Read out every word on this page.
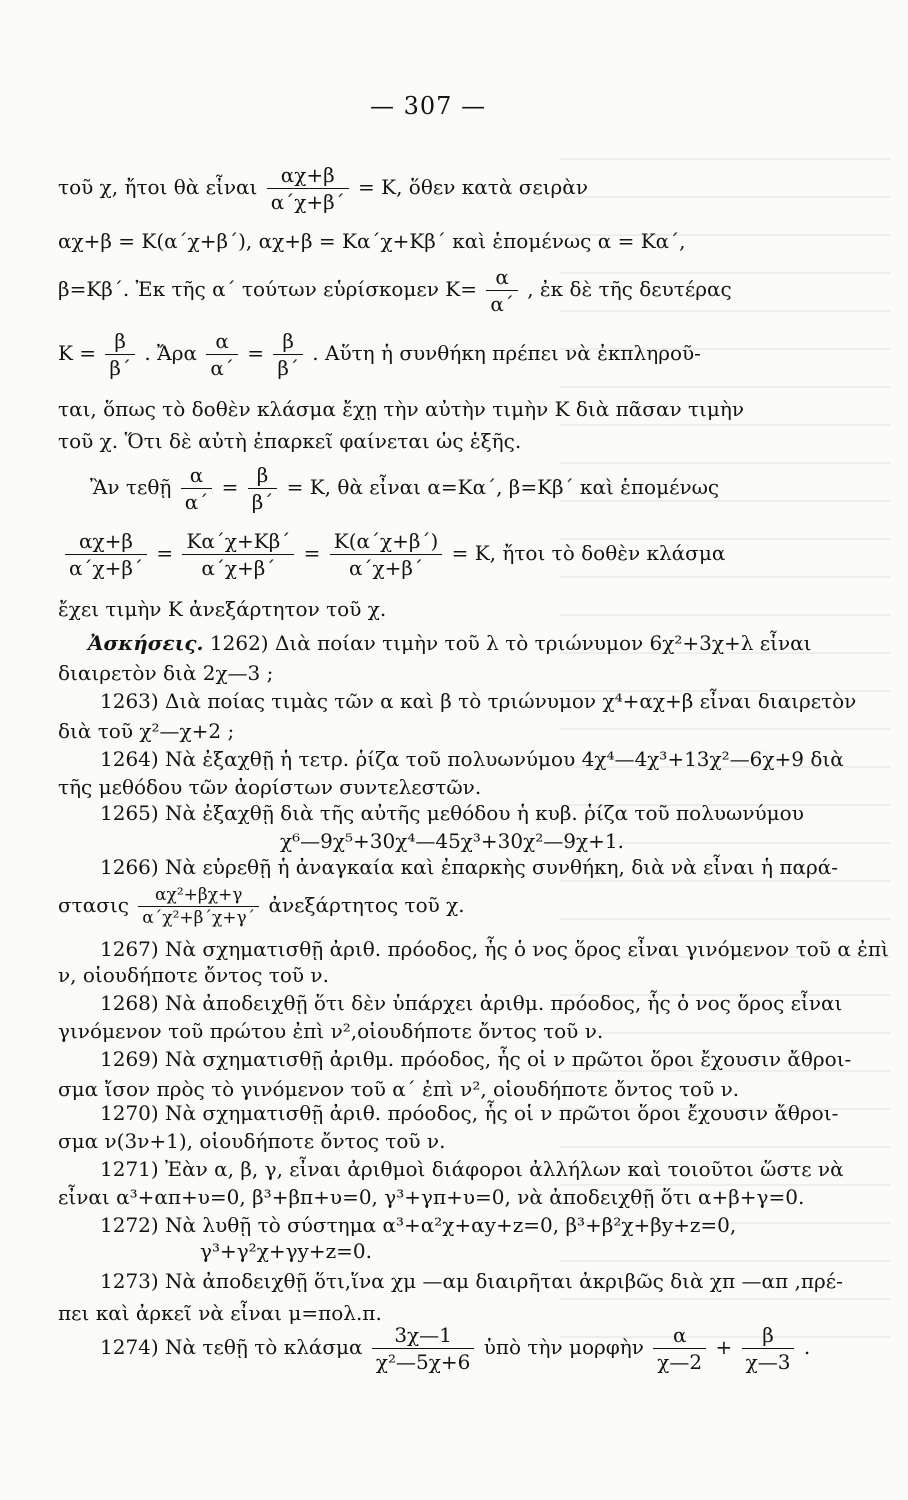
— 307 —
τοῦ χ, ἤτοι θὰ εἶναι $\frac{\alpha\chi+\beta}{\alpha΄\chi+\beta΄} = K$, ὅθεν κατὰ σειρὰν
αχ+β = Κ(α΄χ+β΄), αχ+β = Κα΄χ+Κβ΄ καὶ ἑπομένως α = Κα΄,
β=Κβ΄. Ἐκ τῆς α΄ τούτων εὑρίσκομεν $K= \frac{\alpha}{\alpha΄}$ , ἐκ δὲ τῆς δευτέρας
$K = \frac{\beta}{\beta΄}$ . Ἄρα $\frac{\alpha}{\alpha΄} = \frac{\beta}{\beta΄}$ . Αὕτη ἡ συνθήκη πρέπει νὰ ἐκπληροῦ-
ται, ὅπως τὸ δοθὲν κλάσμα ἔχῃ τὴν αὐτὴν τιμὴν Κ διὰ πᾶσαν τιμὴν
τοῦ χ. Ὅτι δὲ αὐτὴ ἐπαρκεῖ φαίνεται ὡς ἑξῆς.
Ἂν τεθῇ $\frac{\alpha}{\alpha΄} = \frac{\beta}{\beta΄} = K$, θὰ εἶναι α=Κα΄, β=Κβ΄ καὶ ἑπομένως
$\frac{\alpha\chi+\beta}{\alpha΄\chi+\beta΄} = \frac{K\alpha΄\chi+K\beta΄}{\alpha΄\chi+\beta΄} = \frac{K(\alpha΄\chi+\beta΄)}{\alpha΄\chi+\beta΄} = K$, ἤτοι τὸ δοθὲν κλάσμα
ἔχει τιμὴν Κ ἀνεξάρτητον τοῦ χ.
Ἀσκήσεις. 1262) Διὰ ποίαν τιμὴν τοῦ λ τὸ τριώνυμον 6χ²+3χ+λ εἶναι
διαιρετὸν διὰ 2χ—3 ;
1263) Διὰ ποίας τιμὰς τῶν α καὶ β τὸ τριώνυμον χ⁴+αχ+β εἶναι διαιρετὸν
διὰ τοῦ χ²—χ+2 ;
1264) Νὰ ἐξαχθῇ ἡ τετρ. ῥίζα τοῦ πολυωνύμου 4χ⁴—4χ³+13χ²—6χ+9 διὰ
τῆς μεθόδου τῶν ἀορίστων συντελεστῶν.
1265) Νὰ ἐξαχθῇ διὰ τῆς αὐτῆς μεθόδου ἡ κυβ. ῥίζα τοῦ πολυωνύμου
χ⁶—9χ⁵+30χ⁴—45χ³+30χ²—9χ+1.
1266) Νὰ εὑρεθῇ ἡ ἀναγκαία καὶ ἐπαρκὴς συνθήκη, διὰ νὰ εἶναι ἡ παρά-
στασις $\frac{\text{αχ²+βχ+γ}}{\text{α΄χ²+β΄χ+γ΄}}$ ἀνεξάρτητος τοῦ χ.
1267) Νὰ σχηματισθῇ ἀριθ. πρόοδος, ἧς ὁ νος ὅρος εἶναι γινόμενον τοῦ α ἐπὶ
ν, οἱουδήποτε ὄντος τοῦ ν.
1268) Νὰ ἀποδειχθῇ ὅτι δὲν ὑπάρχει ἀριθμ. πρόοδος, ἧς ὁ νος ὅρος εἶναι
γινόμενον τοῦ πρώτου ἐπὶ ν²,οἱουδήποτε ὄντος τοῦ ν.
1269) Νὰ σχηματισθῇ ἀριθμ. πρόοδος, ἧς οἱ ν πρῶτοι ὅροι ἔχουσιν ἄθροι-
σμα ἴσον πρὸς τὸ γινόμενον τοῦ α΄ ἐπὶ ν², οἱουδήποτε ὄντος τοῦ ν.
1270) Νὰ σχηματισθῇ ἀριθ. πρόοδος, ἧς οἱ ν πρῶτοι ὅροι ἔχουσιν ἄθροι-
σμα ν(3ν+1), οἱουδήποτε ὄντος τοῦ ν.
1271) Ἐὰν α, β, γ, εἶναι ἀριθμοὶ διάφοροι ἀλλήλων καὶ τοιοῦτοι ὥστε νὰ
εἶναι α³+απ+υ=0, β³+βπ+υ=0, γ³+γπ+υ=0, νὰ ἀποδειχθῇ ὅτι α+β+γ=0.
1272) Νὰ λυθῇ τὸ σύστημα α³+α²χ+αy+z=0, β³+β²χ+βy+z=0,
γ³+γ²χ+γy+z=0.
1273) Νὰ ἀποδειχθῇ ὅτι,ἵνα χμ —αμ διαιρῆται ἀκριβῶς διὰ χπ —απ ,πρέ-
πει καὶ ἀρκεῖ νὰ εἶναι μ=πολ.π.
1274) Νὰ τεθῇ τὸ κλάσμα $\frac{3\chi—1}{\text{χ²—5χ+6}}$ ὑπὸ τὴν μορφὴν $\frac{\alpha}{\chi—2} + \frac{\beta}{\chi—3}$ .
